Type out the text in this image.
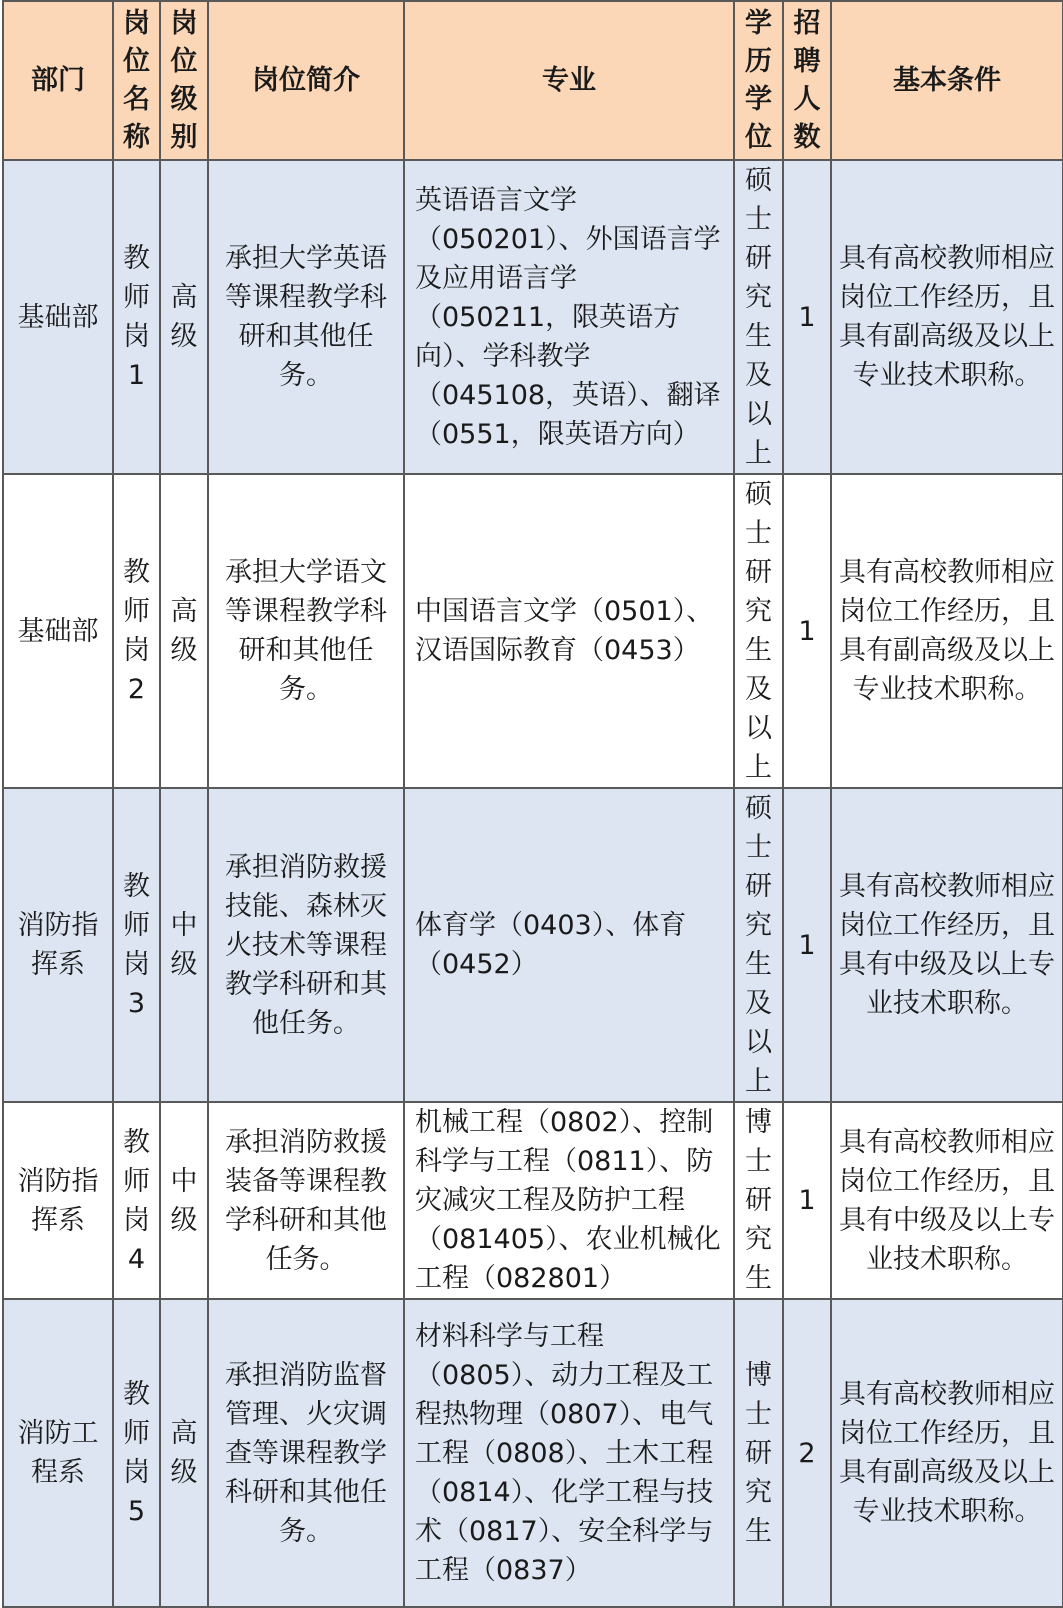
部门	岗位名称	岗位级别	岗位简介	专业	学历学位	招聘人数	基本条件
基础部	教师岗1	高级	承担大学英语等课程教学科研和其他任务。	英语语言文学（050201）、外国语言学及应用语言学（050211，限英语方向）、学科教学（045108，英语）、翻译（0551，限英语方向）	硕士研究生及以上	1	具有高校教师相应岗位工作经历，且具有副高级及以上专业技术职称。
基础部	教师岗2	高级	承担大学语文等课程教学科研和其他任务。	中国语言文学（0501）、汉语国际教育（0453）	硕士研究生及以上	1	具有高校教师相应岗位工作经历，且具有副高级及以上专业技术职称。
消防指挥系	教师岗3	中级	承担消防救援技能、森林灭火技术等课程教学科研和其他任务。	体育学（0403）、体育（0452）	硕士研究生及以上	1	具有高校教师相应岗位工作经历，且具有中级及以上专业技术职称。
消防指挥系	教师岗4	中级	承担消防救援装备等课程教学科研和其他任务。	机械工程（0802）、控制科学与工程（0811）、防灾减灾工程及防护工程（081405）、农业机械化工程（082801）	博士研究生	1	具有高校教师相应岗位工作经历，且具有中级及以上专业技术职称。
消防工程系	教师岗5	高级	承担消防监督管理、火灾调查等课程教学科研和其他任务。	材料科学与工程（0805）、动力工程及工程热物理（0807）、电气工程（0808）、土木工程（0814）、化学工程与技术（0817）、安全科学与工程（0837）	博士研究生	2	具有高校教师相应岗位工作经历，且具有副高级及以上专业技术职称。
